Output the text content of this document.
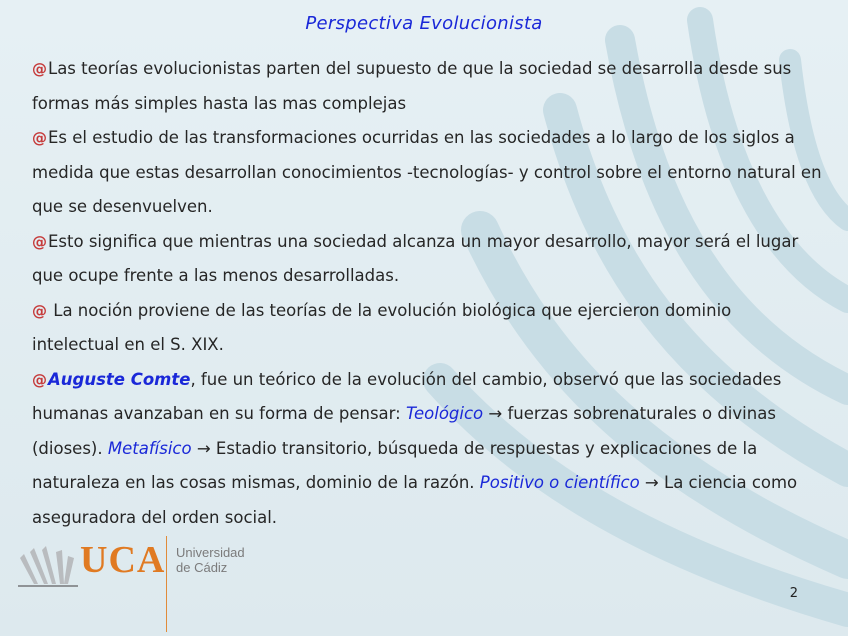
Perspectiva Evolucionista

@Las teorías evolucionistas parten del supuesto de que la sociedad se desarrolla desde sus formas más simples hasta las mas complejas

@Es el estudio de las transformaciones ocurridas en las sociedades a lo largo de los siglos a medida que estas desarrollan conocimientos -tecnologías- y control sobre el entorno natural en que se desenvuelven.

@Esto significa que mientras una sociedad alcanza un mayor desarrollo, mayor será el lugar que ocupe frente a las menos desarrolladas.

@ La noción proviene de las teorías de la evolución biológica que ejercieron dominio intelectual en el S. XIX.

@Auguste Comte, fue un teórico de la evolución del cambio, observó que las sociedades humanas avanzaban en su forma de pensar: Teológico → fuerzas sobrenaturales o divinas (dioses). Metafísico → Estadio transitorio, búsqueda de respuestas y explicaciones de la naturaleza en las cosas mismas, dominio de la razón. Positivo o científico → La ciencia como aseguradora del orden social.

UCA Universidad
de Cádiz
2
